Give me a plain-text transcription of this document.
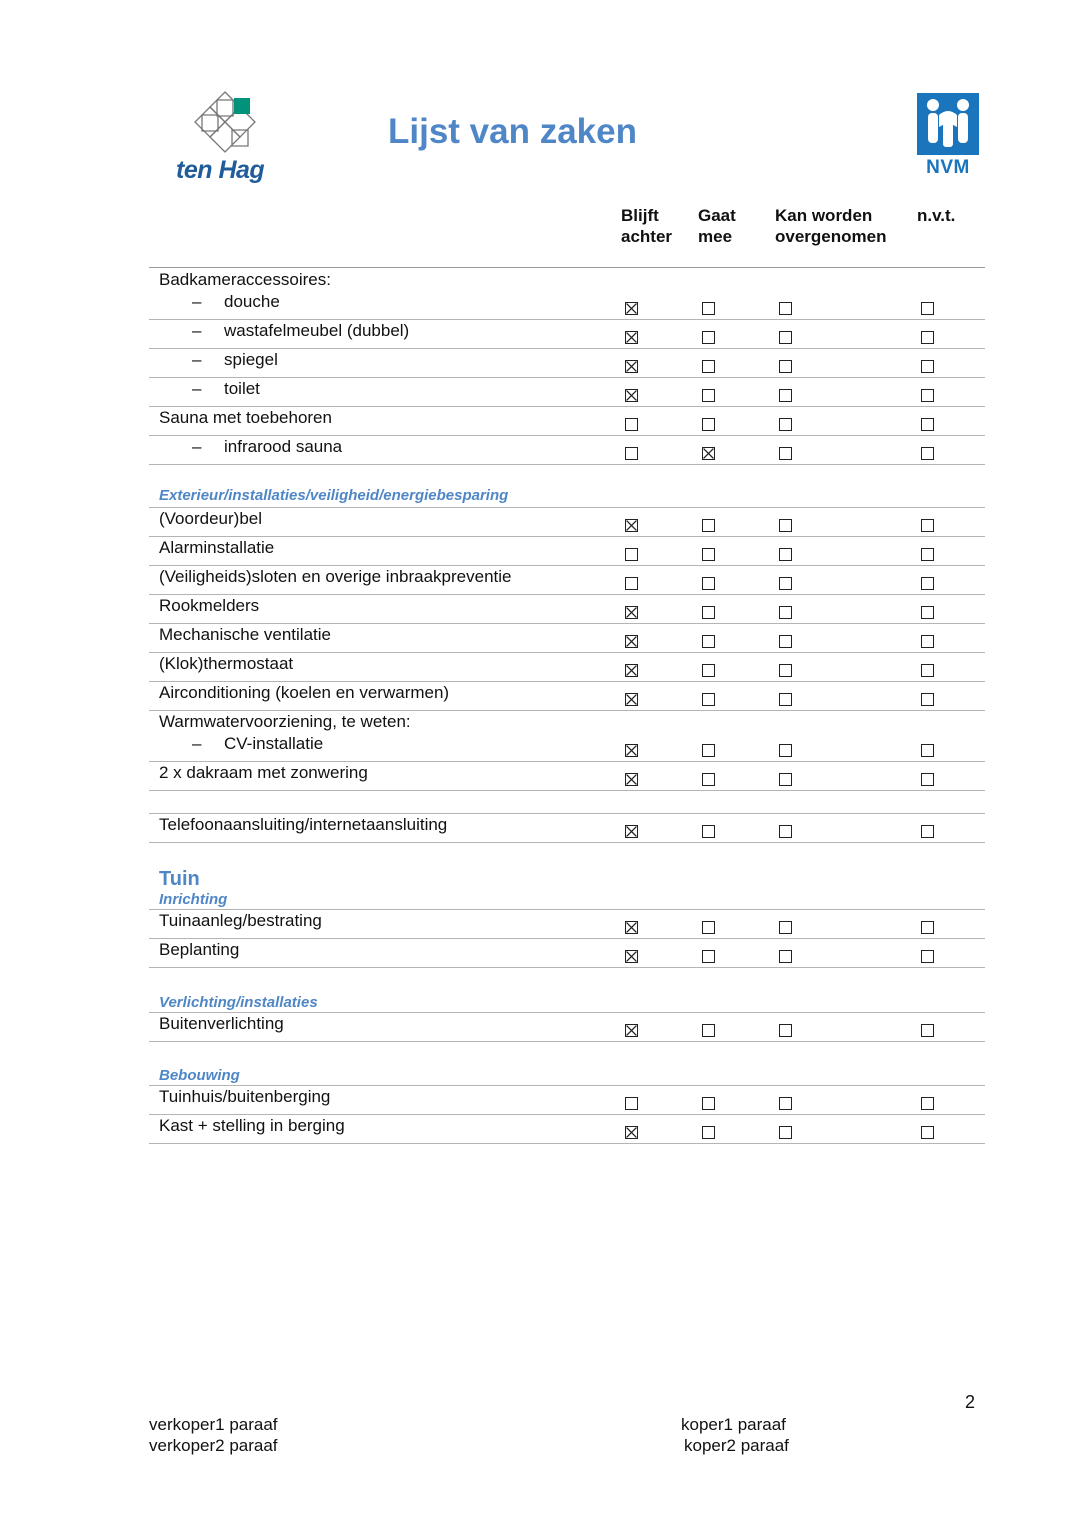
ten Hag
Lijst van zaken
NVM
Blijft
achter
Gaat
mee
Kan worden
overgenomen
n.v.t.
Badkameraccessoires:
– douche
– wastafelmeubel (dubbel)
– spiegel
– toilet
Sauna met toebehoren
– infrarood sauna
Exterieur/installaties/veiligheid/energiebesparing
(Voordeur)bel
Alarminstallatie
(Veiligheids)sloten en overige inbraakpreventie
Rookmelders
Mechanische ventilatie
(Klok)thermostaat
Airconditioning (koelen en verwarmen)
Warmwatervoorziening, te weten:
– CV-installatie
2 x dakraam met zonwering
Telefoonaansluiting/internetaansluiting
Tuin
Inrichting
Tuinaanleg/bestrating
Beplanting
Verlichting/installaties
Buitenverlichting
Bebouwing
Tuinhuis/buitenberging
Kast + stelling in berging
2
verkoper1 paraaf
verkoper2 paraaf
koper1 paraaf
koper2 paraaf
